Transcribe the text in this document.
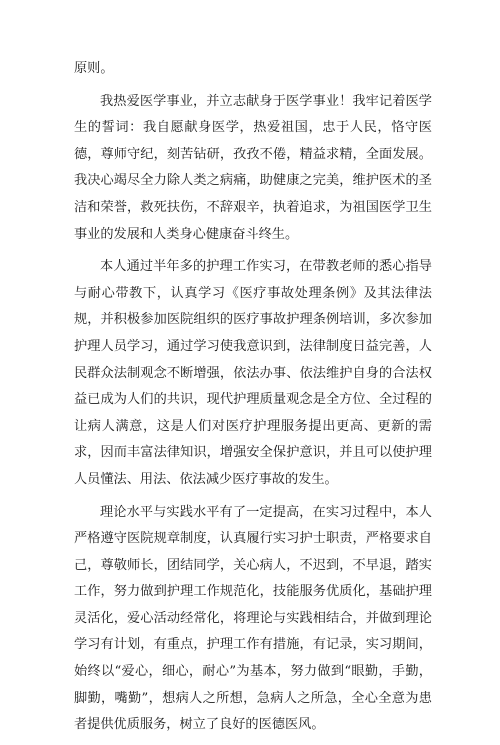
原则。

我热爱医学事业，并立志献身于医学事业！我牢记着医学生的誓词：我自愿献身医学，热爱祖国，忠于人民，恪守医德，尊师守纪，刻苦钻研，孜孜不倦，精益求精，全面发展。我决心竭尽全力除人类之病痛，助健康之完美，维护医术的圣洁和荣誉，救死扶伤，不辞艰辛，执着追求，为祖国医学卫生事业的发展和人类身心健康奋斗终生。

本人通过半年多的护理工作实习，在带教老师的悉心指导与耐心带教下，认真学习《医疗事故处理条例》及其法律法规，并积极参加医院组织的医疗事故护理条例培训，多次参加护理人员学习，通过学习使我意识到，法律制度日益完善，人民群众法制观念不断增强，依法办事、依法维护自身的合法权益已成为人们的共识，现代护理质量观念是全方位、全过程的让病人满意，这是人们对医疗护理服务提出更高、更新的需求，因而丰富法律知识，增强安全保护意识，并且可以使护理人员懂法、用法、依法减少医疗事故的发生。

理论水平与实践水平有了一定提高，在实习过程中，本人严格遵守医院规章制度，认真履行实习护士职责，严格要求自己，尊敬师长，团结同学，关心病人，不迟到，不早退，踏实工作，努力做到护理工作规范化，技能服务优质化，基础护理灵活化，爱心活动经常化，将理论与实践相结合，并做到理论学习有计划，有重点，护理工作有措施，有记录，实习期间，始终以“爱心，细心，耐心”为基本，努力做到“眼勤，手勤，脚勤，嘴勤”，想病人之所想，急病人之所急，全心全意为患者提供优质服务，树立了良好的医德医风。
